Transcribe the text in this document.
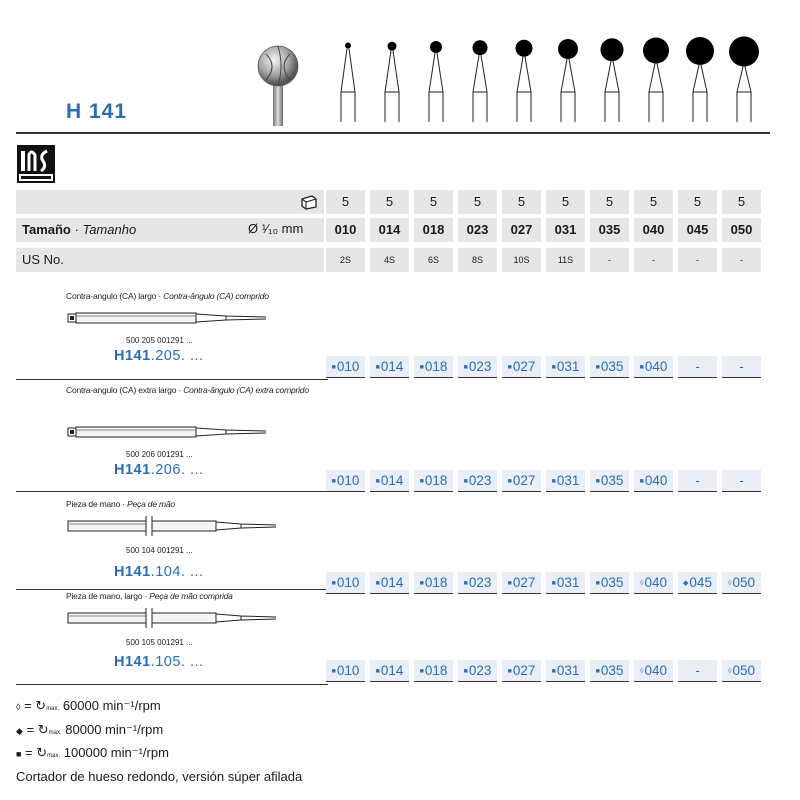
H 141
5	5	5	5	5	5	5	5	5	5
Tamaño · Tamanho	Ø ¹⁄₁₀ mm	010	014	018	023	027	031	035	040	045	050
US No.	2S	4S	6S	8S	10S	11S	-	-	-	-
Contra-angulo (CA) largo · Contra-ângulo (CA) comprido
500 205 001291 ...
H141.205. ...
■010	■014	■018	■023	■027	■031	■035	■040	-	-
Contra-angulo (CA) extra largo · Contra-ângulo (CA) extra comprido
500 206 001291 ...
H141.206. ...
■010	■014	■018	■023	■027	■031	■035	■040	-	-
Pieza de mano · Peça de mão
500 104 001291 ...
H141.104. ...
■010	■014	■018	■023	■027	■031	■035	◊040	◆045	◊050
Pieza de mano, largo · Peça de mão comprida
500 105 001291 ...
H141.105. ...
■010	■014	■018	■023	■027	■031	■035	◊040	-	◊050
◊ = ↻max. 60000 min⁻¹/rpm
◆ = ↻max. 80000 min⁻¹/rpm
■ = ↻max. 100000 min⁻¹/rpm
Cortador de hueso redondo, versión súper afilada
